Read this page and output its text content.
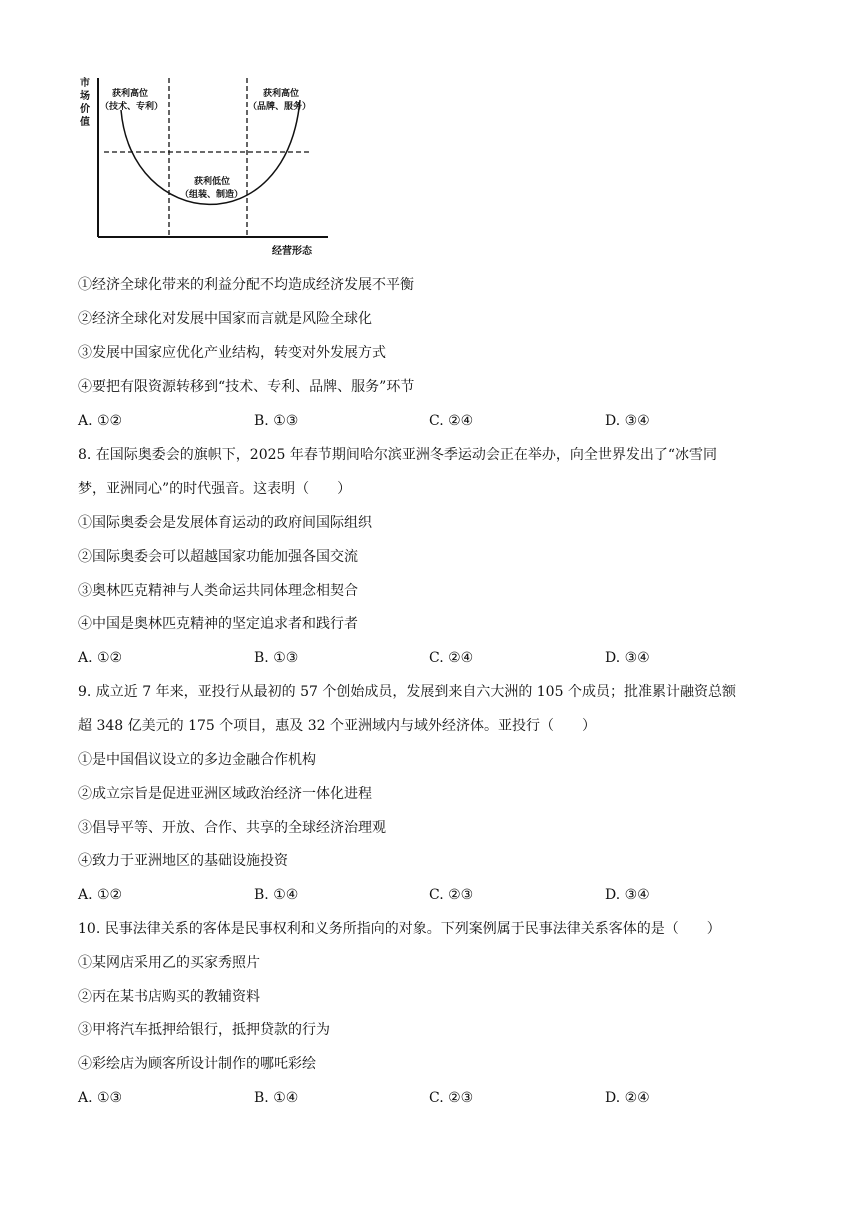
市
场
价
值
获利高位
（技术、专利）
获利高位
（品牌、服务）
获利低位
（组装、制造）
经营形态
①经济全球化带来的利益分配不均造成经济发展不平衡
②经济全球化对发展中国家而言就是风险全球化
③发展中国家应优化产业结构，转变对外发展方式
④要把有限资源转移到“技术、专利、品牌、服务”环节
A. ①②	B. ①③	C. ②④	D. ③④
8. 在国际奥委会的旗帜下，2025 年春节期间哈尔滨亚洲冬季运动会正在举办，向全世界发出了“冰雪同
梦，亚洲同心”的时代强音。这表明（　　）
①国际奥委会是发展体育运动的政府间国际组织
②国际奥委会可以超越国家功能加强各国交流
③奥林匹克精神与人类命运共同体理念相契合
④中国是奥林匹克精神的坚定追求者和践行者
A. ①②	B. ①③	C. ②④	D. ③④
9. 成立近 7 年来，亚投行从最初的 57 个创始成员，发展到来自六大洲的 105 个成员；批准累计融资总额
超 348 亿美元的 175 个项目，惠及 32 个亚洲域内与域外经济体。亚投行（　　）
①是中国倡议设立的多边金融合作机构
②成立宗旨是促进亚洲区域政治经济一体化进程
③倡导平等、开放、合作、共享的全球经济治理观
④致力于亚洲地区的基础设施投资
A. ①②	B. ①④	C. ②③	D. ③④
10. 民事法律关系的客体是民事权利和义务所指向的对象。下列案例属于民事法律关系客体的是（　　）
①某网店采用乙的买家秀照片
②丙在某书店购买的教辅资料
③甲将汽车抵押给银行，抵押贷款的行为
④彩绘店为顾客所设计制作的哪吒彩绘
A. ①③	B. ①④	C. ②③	D. ②④
